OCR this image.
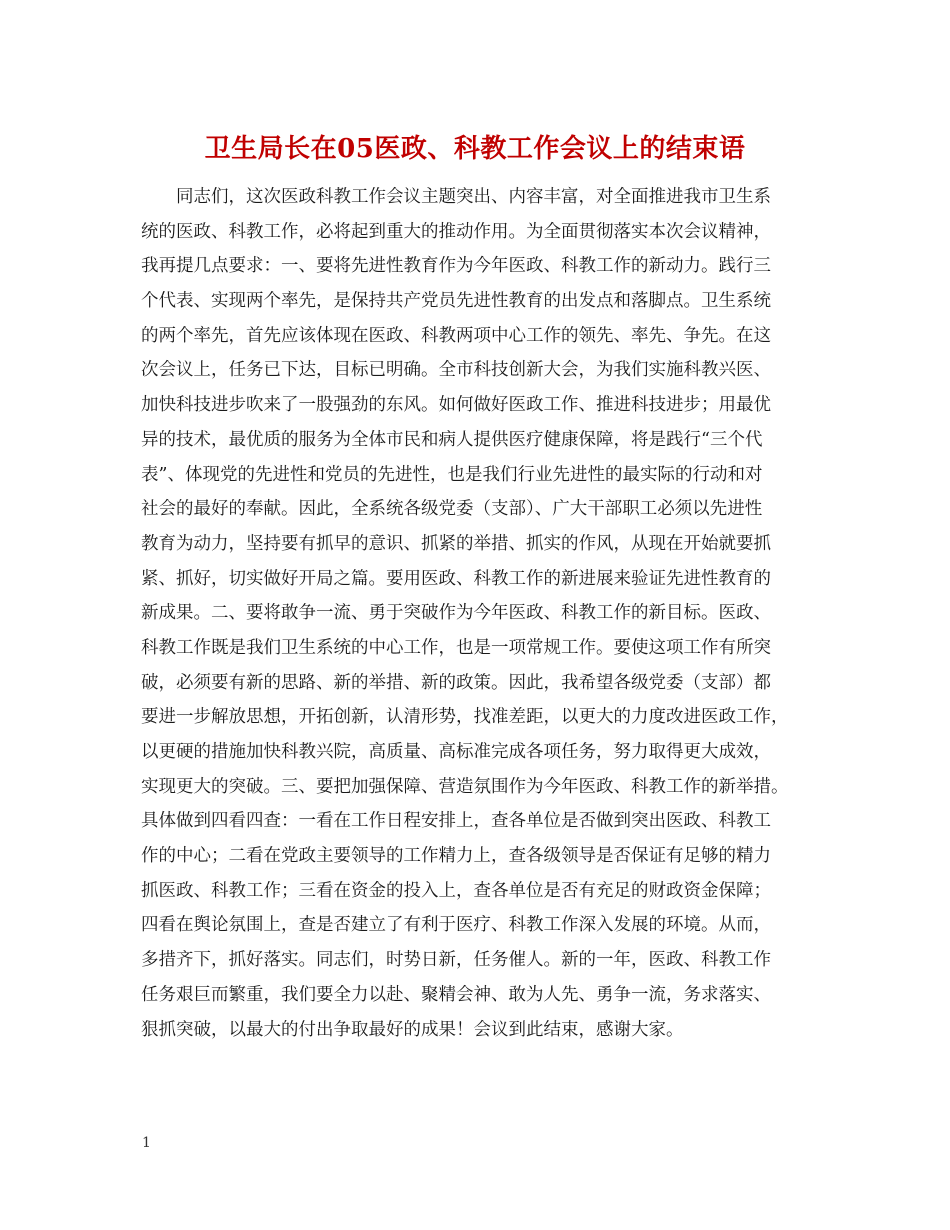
卫生局长在05医政、科教工作会议上的结束语
　　同志们，这次医政科教工作会议主题突出、内容丰富，对全面推进我市卫生系
统的医政、科教工作，必将起到重大的推动作用。为全面贯彻落实本次会议精神，
我再提几点要求：一、要将先进性教育作为今年医政、科教工作的新动力。践行三
个代表、实现两个率先，是保持共产党员先进性教育的出发点和落脚点。卫生系统
的两个率先，首先应该体现在医政、科教两项中心工作的领先、率先、争先。在这
次会议上，任务已下达，目标已明确。全市科技创新大会，为我们实施科教兴医、
加快科技进步吹来了一股强劲的东风。如何做好医政工作、推进科技进步；用最优
异的技术，最优质的服务为全体市民和病人提供医疗健康保障，将是践行“三个代
表”、体现党的先进性和党员的先进性，也是我们行业先进性的最实际的行动和对
社会的最好的奉献。因此，全系统各级党委（支部）、广大干部职工必须以先进性
教育为动力，坚持要有抓早的意识、抓紧的举措、抓实的作风，从现在开始就要抓
紧、抓好，切实做好开局之篇。要用医政、科教工作的新进展来验证先进性教育的
新成果。二、要将敢争一流、勇于突破作为今年医政、科教工作的新目标。医政、
科教工作既是我们卫生系统的中心工作，也是一项常规工作。要使这项工作有所突
破，必须要有新的思路、新的举措、新的政策。因此，我希望各级党委（支部）都
要进一步解放思想，开拓创新，认清形势，找准差距，以更大的力度改进医政工作，
以更硬的措施加快科教兴院，高质量、高标准完成各项任务，努力取得更大成效，
实现更大的突破。三、要把加强保障、营造氛围作为今年医政、科教工作的新举措。
具体做到四看四查：一看在工作日程安排上，查各单位是否做到突出医政、科教工
作的中心；二看在党政主要领导的工作精力上，查各级领导是否保证有足够的精力
抓医政、科教工作；三看在资金的投入上，查各单位是否有充足的财政资金保障；
四看在舆论氛围上，查是否建立了有利于医疗、科教工作深入发展的环境。从而，
多措齐下，抓好落实。同志们，时势日新，任务催人。新的一年，医政、科教工作
任务艰巨而繁重，我们要全力以赴、聚精会神、敢为人先、勇争一流，务求落实、
狠抓突破，以最大的付出争取最好的成果！会议到此结束，感谢大家。
1
